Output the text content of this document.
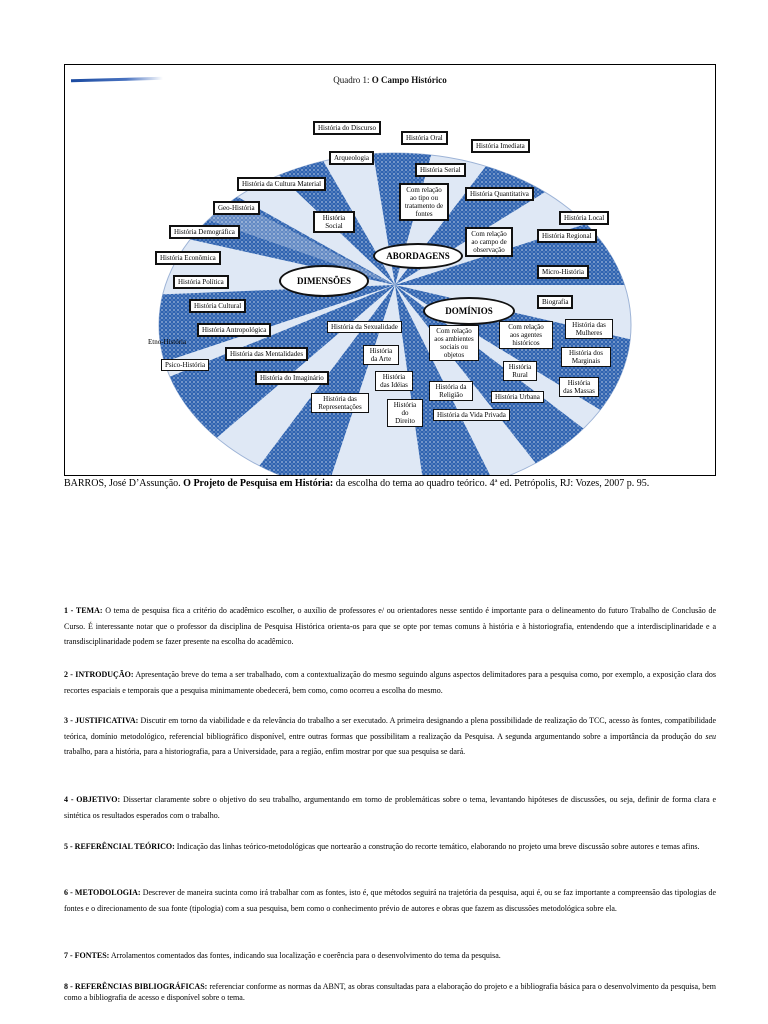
Quadro 1: O Campo Histórico
DIMENSÕES
ABORDAGENS
DOMÍNIOS
História do Discurso
História Oral
História Imediata
Arqueologia
História Serial
História da Cultura Material
História Quantitativa
Geo-História
História Social
Com relação ao tipo ou tratamento de fontes	História Local
História Demográfica	Com relação ao campo de observação
História Regional
História Econômica
Micro-História
História Política
Biografia
História Cultural
História da Sexualidade	Com relação aos ambientes sociais ou objetos
Com relação aos agentes históricos
História das Mulheres
História Antropológica
Etno-História
História das Mentalidades	História da Arte
História dos Marginais
Psico-História	História Rural
História do Imaginário	História das Idéias	História da Religião
História das Massas
História das Representações	História do Direito
História Urbana
História da Vida Privada
BARROS, José D’Assunção. O Projeto de Pesquisa em História: da escolha do tema ao quadro teórico. 4ª ed. Petrópolis, RJ: Vozes, 2007 p. 95.
1 - TEMA: O tema de pesquisa fica a critério do acadêmico escolher, o auxílio de professores e/ ou orientadores nesse sentido é importante para o delineamento do futuro Trabalho de Conclusão de Curso. É interessante notar que o professor da disciplina de Pesquisa Histórica orienta-os para que se opte por temas comuns à história e à historiografia, entendendo que a interdisciplinaridade e a transdisciplinaridade podem se fazer presente na escolha do acadêmico.
2 - INTRODUÇÃO: Apresentação breve do tema a ser trabalhado, com a contextualização do mesmo seguindo alguns aspectos delimitadores para a pesquisa como, por exemplo, a exposição clara dos recortes espaciais e temporais que a pesquisa minimamente obedecerá, bem como, como ocorreu a escolha do mesmo.
3 - JUSTIFICATIVA: Discutir em torno da viabilidade e da relevância do trabalho a ser executado. A primeira designando a plena possibilidade de realização do TCC, acesso às fontes, compatibilidade teórica, domínio metodológico, referencial bibliográfico disponível, entre outras formas que possibilitam a realização da Pesquisa. A segunda argumentando sobre a importância da produção do seu trabalho, para a história, para a historiografia, para a Universidade, para a região, enfim mostrar por que sua pesquisa se dará.
4 - OBJETIVO: Dissertar claramente sobre o objetivo do seu trabalho, argumentando em torno de problemáticas sobre o tema, levantando hipóteses de discussões, ou seja, definir de forma clara e sintética os resultados esperados com o trabalho.
5 - REFERÊNCIAL TEÓRICO: Indicação das linhas teórico-metodológicas que nortearão a construção do recorte temático, elaborando no projeto uma breve discussão sobre autores e temas afins.
6 - METODOLOGIA: Descrever de maneira sucinta como irá trabalhar com as fontes, isto é, que métodos seguirá na trajetória da pesquisa, aqui é, ou se faz importante a compreensão das tipologias de fontes e o direcionamento de sua fonte (tipologia) com a sua pesquisa, bem como o conhecimento prévio de autores e obras que fazem as discussões metodológica sobre ela.
7 - FONTES: Arrolamentos comentados das fontes, indicando sua localização e coerência para o desenvolvimento do tema da pesquisa.
8 - REFERÊNCIAS BIBLIOGRÁFICAS: referenciar conforme as normas da ABNT, as obras consultadas para a elaboração do projeto e a bibliografia básica para o desenvolvimento da pesquisa, bem como a bibliografia de acesso e disponível sobre o tema.
